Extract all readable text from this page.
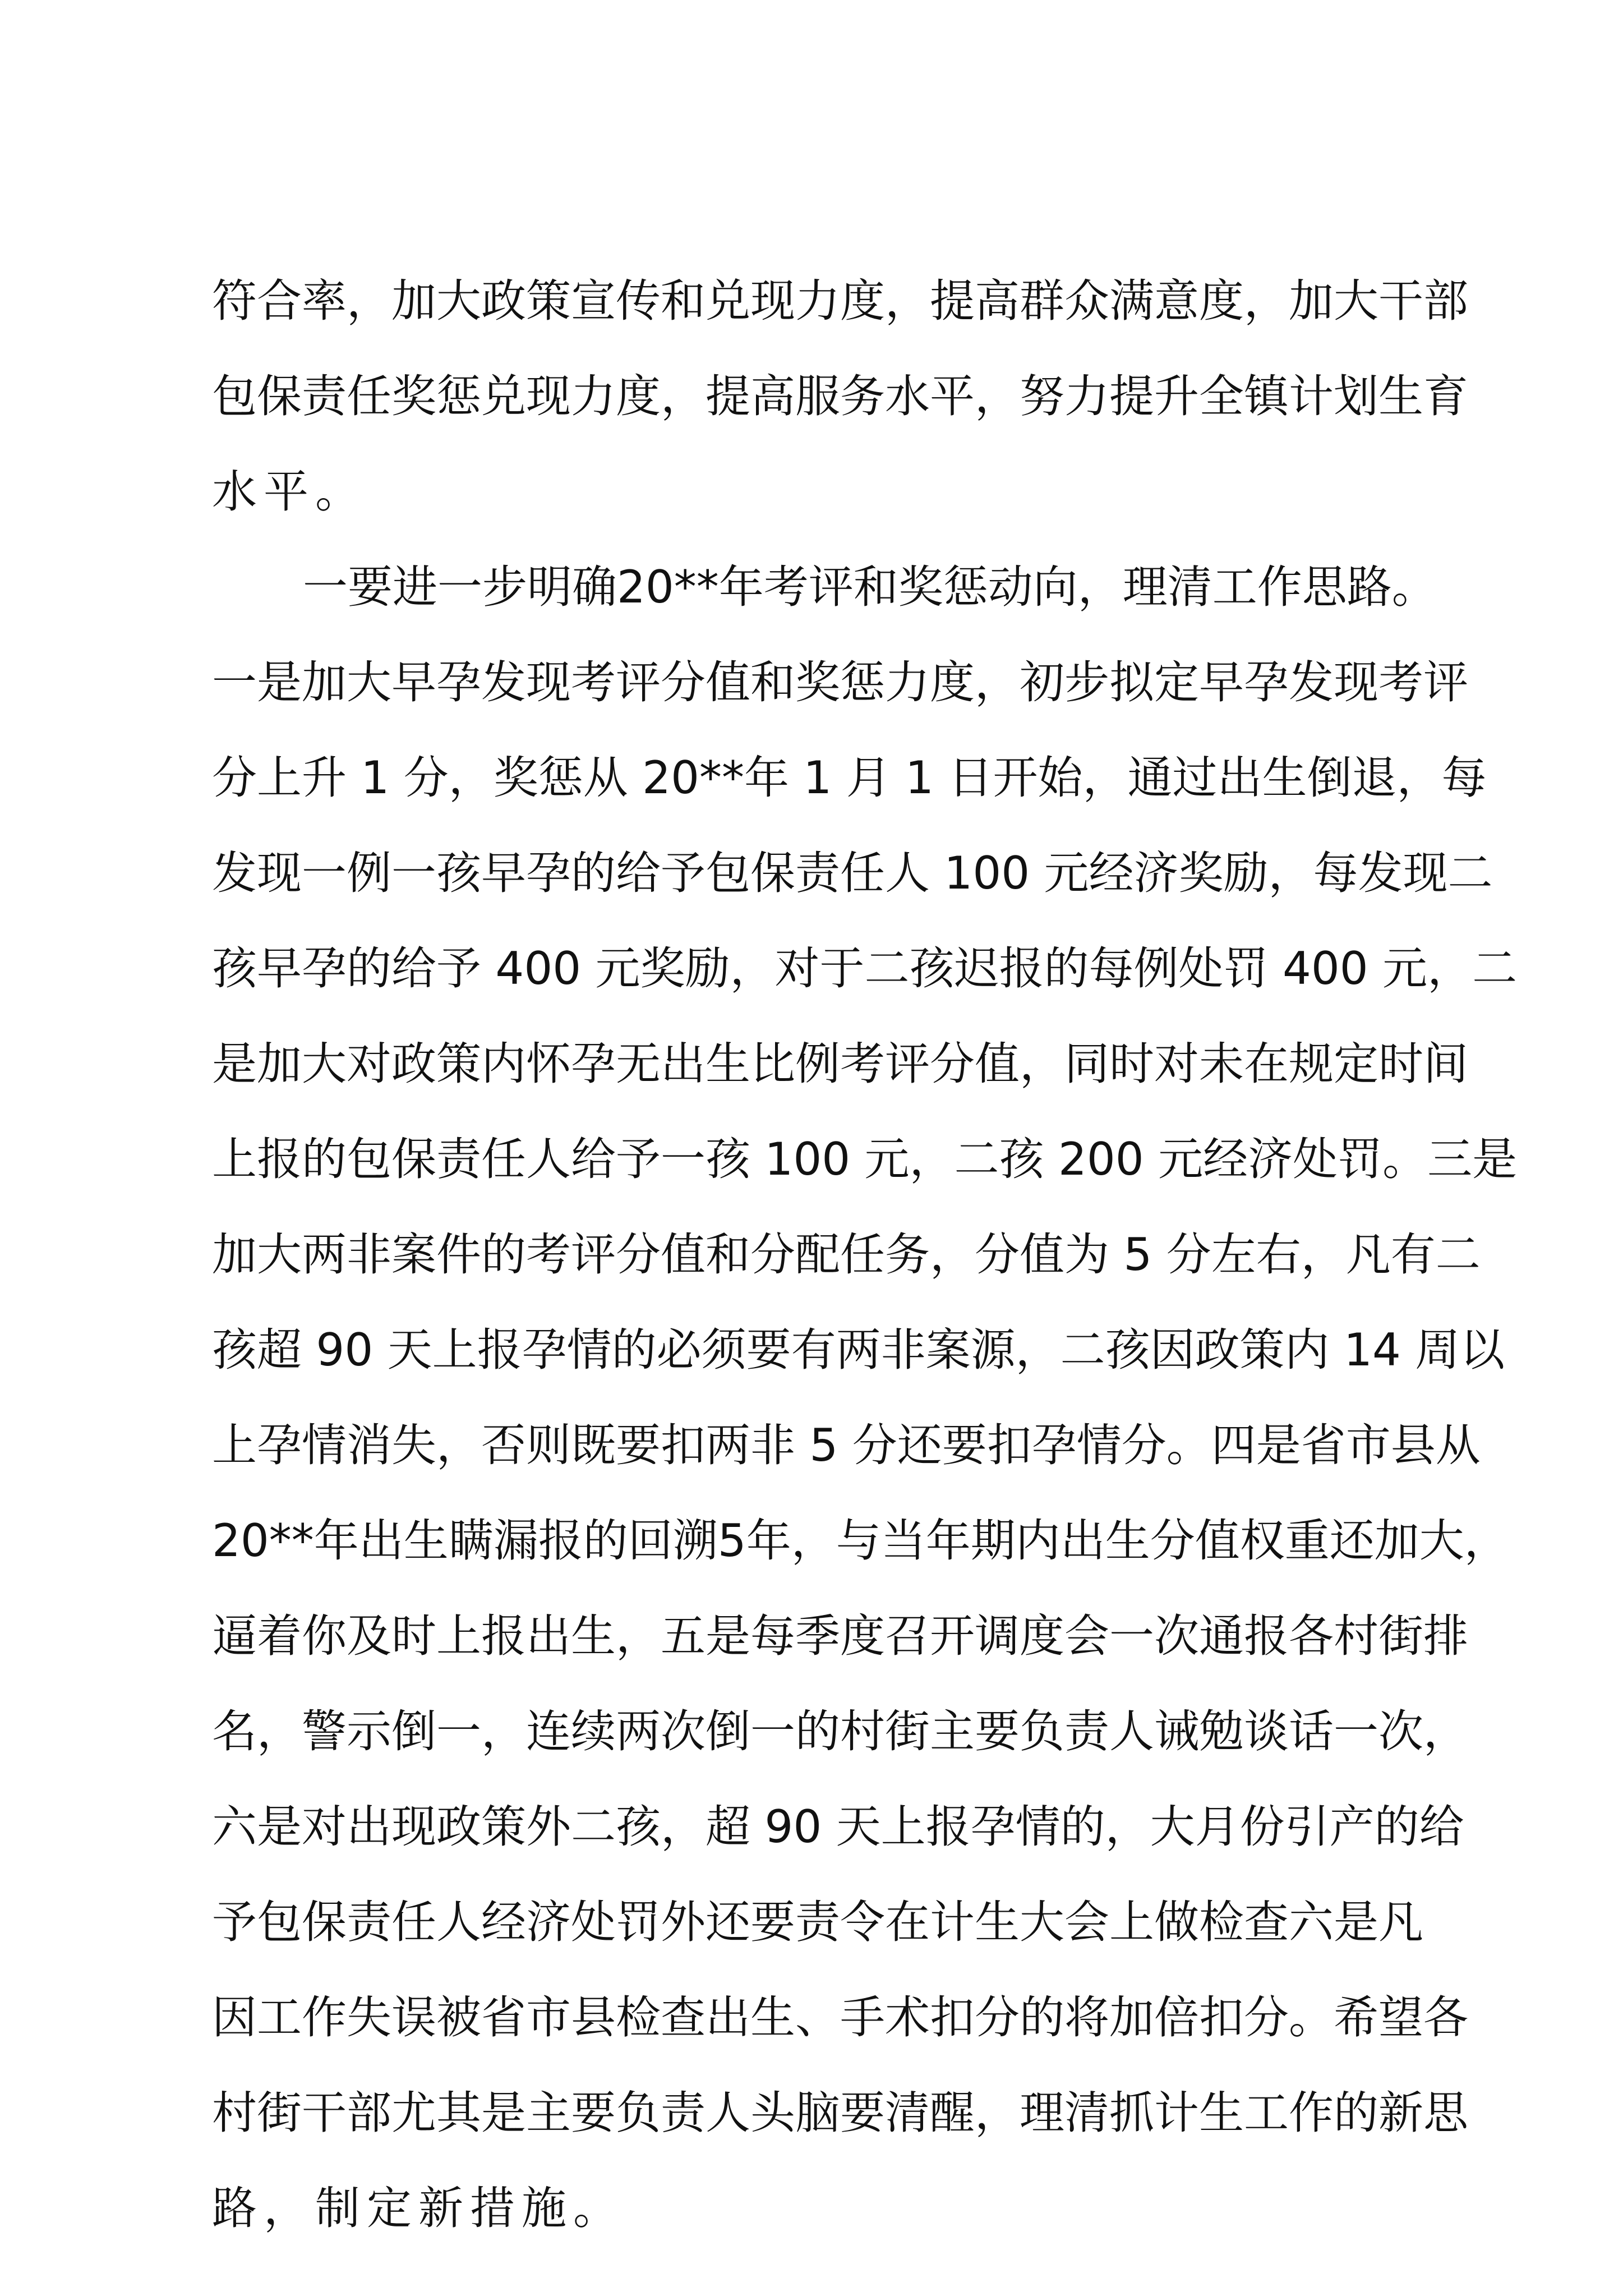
符合率，加大政策宣传和兑现力度，提高群众满意度，加大干部
包保责任奖惩兑现力度，提高服务水平，努力提升全镇计划生育
水平。
一要进一步明确20**年考评和奖惩动向，理清工作思路。
一是加大早孕发现考评分值和奖惩力度，初步拟定早孕发现考评
分上升 1 分，奖惩从 20**年 1 月 1 日开始，通过出生倒退，每
发现一例一孩早孕的给予包保责任人 100 元经济奖励，每发现二
孩早孕的给予 400 元奖励，对于二孩迟报的每例处罚 400 元，二
是加大对政策内怀孕无出生比例考评分值，同时对未在规定时间
上报的包保责任人给予一孩 100 元，二孩 200 元经济处罚。三是
加大两非案件的考评分值和分配任务，分值为 5 分左右，凡有二
孩超 90 天上报孕情的必须要有两非案源，二孩因政策内 14 周以
上孕情消失，否则既要扣两非 5 分还要扣孕情分。四是省市县从
20**年出生瞒漏报的回溯5年，与当年期内出生分值权重还加大，
逼着你及时上报出生，五是每季度召开调度会一次通报各村街排
名，警示倒一，连续两次倒一的村街主要负责人诫勉谈话一次，
六是对出现政策外二孩，超 90 天上报孕情的，大月份引产的给
予包保责任人经济处罚外还要责令在计生大会上做检查六是凡
因工作失误被省市县检查出生、手术扣分的将加倍扣分。希望各
村街干部尤其是主要负责人头脑要清醒，理清抓计生工作的新思
路，制定新措施。
